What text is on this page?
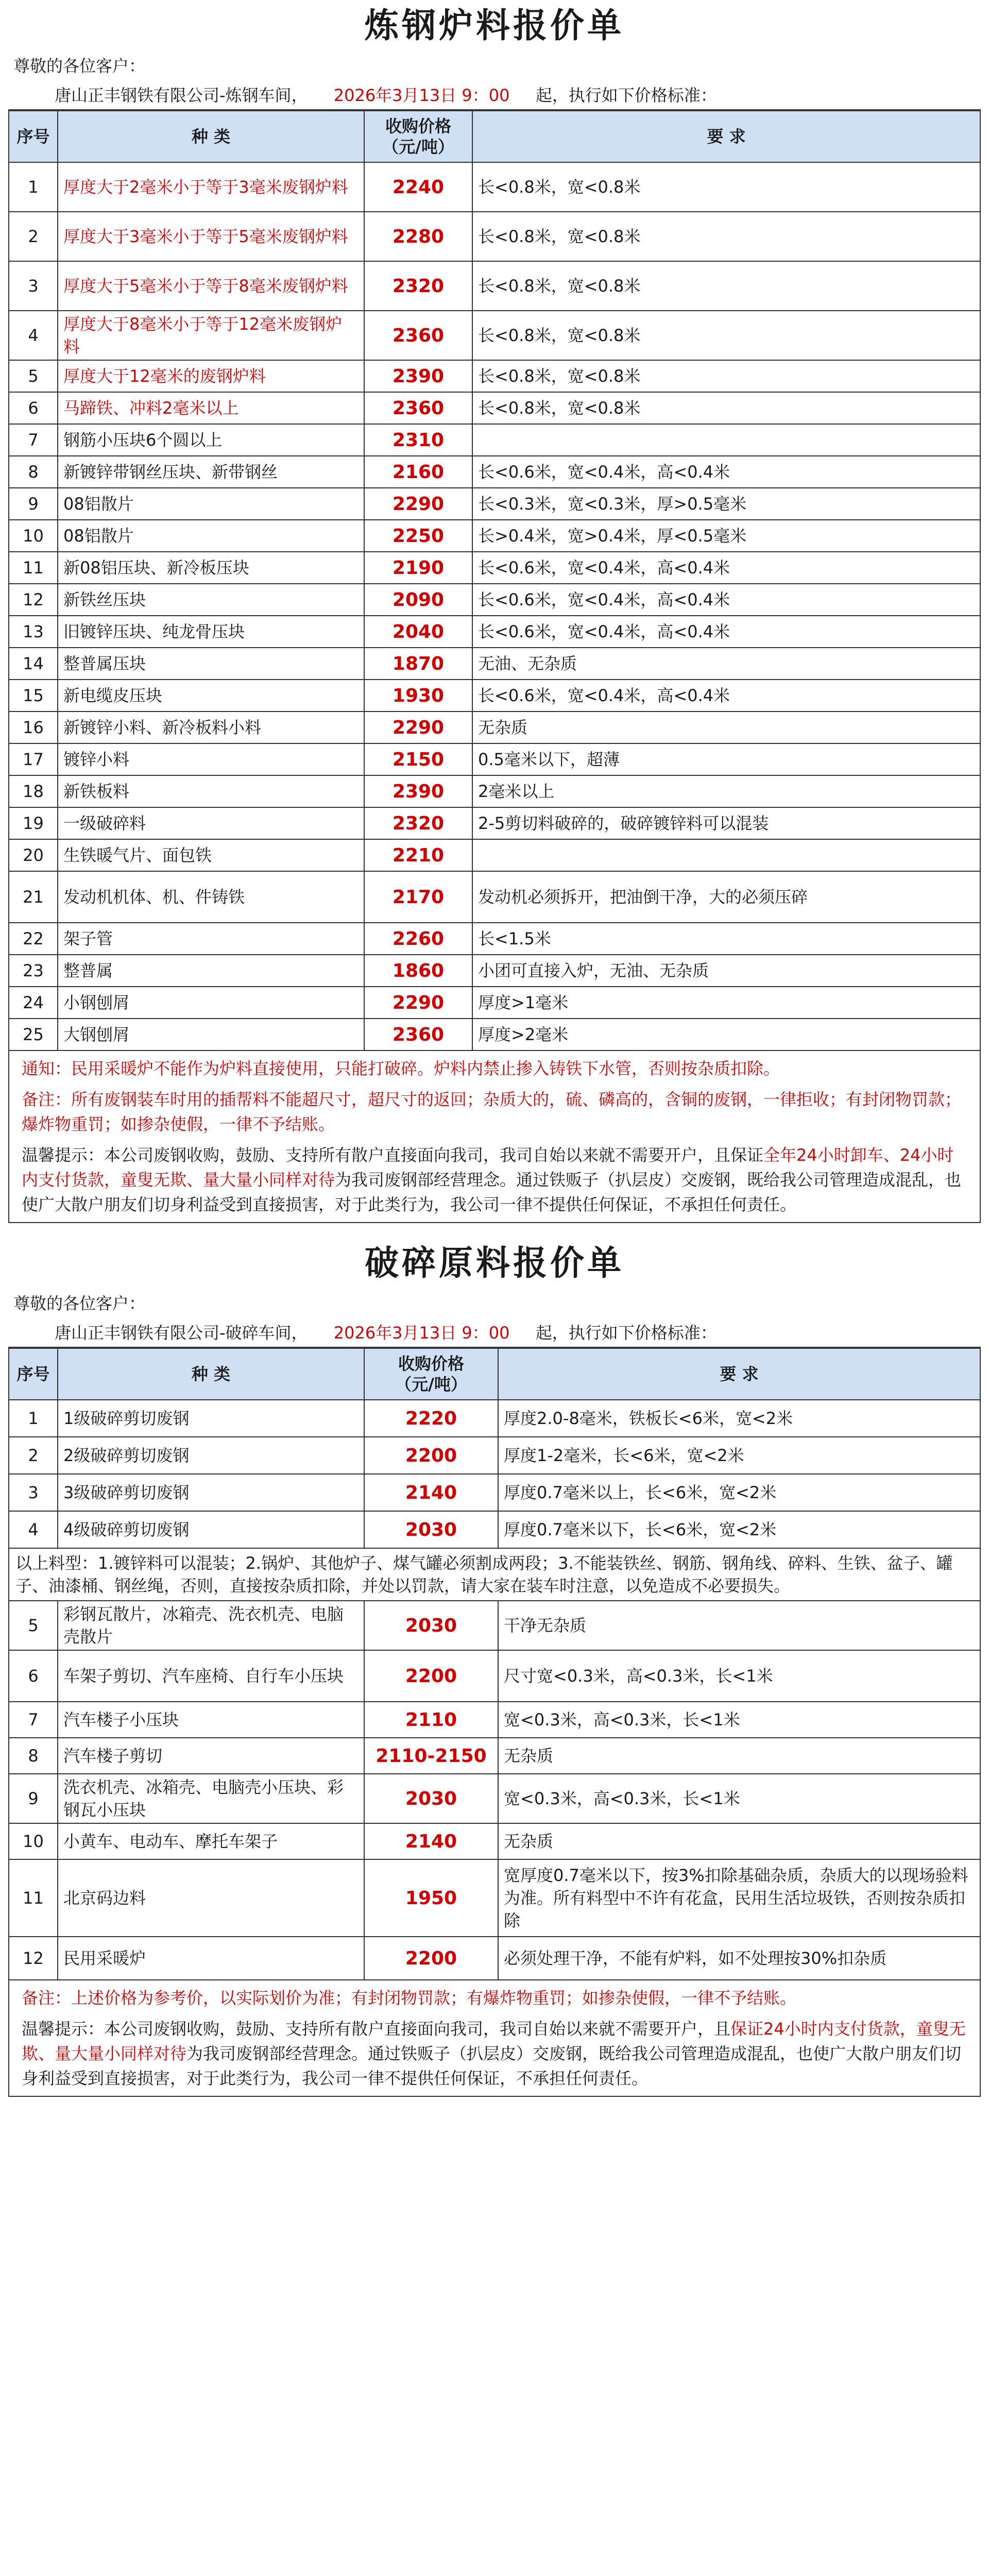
炼钢炉料报价单
尊敬的各位客户：
唐山正丰钢铁有限公司-炼钢车间， 2026年3月13日 9：00 起，执行如下价格标准：
序号	种 类	收购价格
（元/吨）	要 求
1	厚度大于2毫米小于等于3毫米废钢炉料	2240	长<0.8米，宽<0.8米
2	厚度大于3毫米小于等于5毫米废钢炉料	2280	长<0.8米，宽<0.8米
3	厚度大于5毫米小于等于8毫米废钢炉料	2320	长<0.8米，宽<0.8米
4	厚度大于8毫米小于等于12毫米废钢炉料	2360	长<0.8米，宽<0.8米
5	厚度大于12毫米的废钢炉料	2390	长<0.8米，宽<0.8米
6	马蹄铁、冲料2毫米以上	2360	长<0.8米，宽<0.8米
7	钢筋小压块6个圆以上	2310	
8	新镀锌带钢丝压块、新带钢丝	2160	长<0.6米，宽<0.4米，高<0.4米
9	08铝散片	2290	长<0.3米，宽<0.3米，厚>0.5毫米
10	08铝散片	2250	长>0.4米，宽>0.4米，厚<0.5毫米
11	新08铝压块、新冷板压块	2190	长<0.6米，宽<0.4米，高<0.4米
12	新铁丝压块	2090	长<0.6米，宽<0.4米，高<0.4米
13	旧镀锌压块、纯龙骨压块	2040	长<0.6米，宽<0.4米，高<0.4米
14	整普属压块	1870	无油、无杂质
15	新电缆皮压块	1930	长<0.6米，宽<0.4米，高<0.4米
16	新镀锌小料、新冷板料小料	2290	无杂质
17	镀锌小料	2150	0.5毫米以下，超薄
18	新铁板料	2390	2毫米以上
19	一级破碎料	2320	2-5剪切料破碎的，破碎镀锌料可以混装
20	生铁暖气片、面包铁	2210	
21	发动机机体、机、件铸铁	2170	发动机必须拆开，把油倒干净，大的必须压碎
22	架子管	2260	长<1.5米
23	整普属	1860	小团可直接入炉，无油、无杂质
24	小钢刨屑	2290	厚度>1毫米
25	大钢刨屑	2360	厚度>2毫米

通知：民用采暖炉不能作为炉料直接使用，只能打破碎。炉料内禁止掺入铸铁下水管，否则按杂质扣除。

备注：所有废钢装车时用的插帮料不能超尺寸，超尺寸的返回；杂质大的，硫、磷高的，含铜的废钢，一律拒收；有封闭物罚款；爆炸物重罚；如掺杂使假，一律不予结账。

温馨提示：本公司废钢收购，鼓励、支持所有散户直接面向我司，我司自始以来就不需要开户，且保证全年24小时卸车、24小时内支付货款，童叟无欺、量大量小同样对待为我司废钢部经营理念。通过铁贩子（扒层皮）交废钢，既给我公司管理造成混乱，也使广大散户朋友们切身利益受到直接损害，对于此类行为，我公司一律不提供任何保证，不承担任何责任。

破碎原料报价单
尊敬的各位客户：
唐山正丰钢铁有限公司-破碎车间， 2026年3月13日 9：00 起，执行如下价格标准：
序号	种 类	收购价格
（元/吨）	要 求
1	1级破碎剪切废钢	2220	厚度2.0-8毫米，铁板长<6米，宽<2米
2	2级破碎剪切废钢	2200	厚度1-2毫米，长<6米，宽<2米
3	3级破碎剪切废钢	2140	厚度0.7毫米以上，长<6米，宽<2米
4	4级破碎剪切废钢	2030	厚度0.7毫米以下，长<6米，宽<2米
以上料型：1.镀锌料可以混装；2.锅炉、其他炉子、煤气罐必须割成两段；3.不能装铁丝、钢筋、钢角线、碎料、生铁、盆子、罐子、油漆桶、钢丝绳，否则，直接按杂质扣除，并处以罚款，请大家在装车时注意，以免造成不必要损失。
5	彩钢瓦散片，冰箱壳、洗衣机壳、电脑壳散片	2030	干净无杂质
6	车架子剪切、汽车座椅、自行车小压块	2200	尺寸宽<0.3米，高<0.3米，长<1米
7	汽车楼子小压块	2110	宽<0.3米，高<0.3米，长<1米
8	汽车楼子剪切	2110-2150	无杂质
9	洗衣机壳、冰箱壳、电脑壳小压块、彩钢瓦小压块	2030	宽<0.3米，高<0.3米，长<1米
10	小黄车、电动车、摩托车架子	2140	无杂质
11	北京码边料	1950	宽厚度0.7毫米以下，按3%扣除基础杂质，杂质大的以现场验料为准。所有料型中不许有花盒，民用生活垃圾铁，否则按杂质扣除
12	民用采暖炉	2200	必须处理干净，不能有炉料，如不处理按30%扣杂质

备注：上述价格为参考价，以实际划价为准；有封闭物罚款；有爆炸物重罚；如掺杂使假，一律不予结账。

温馨提示：本公司废钢收购，鼓励、支持所有散户直接面向我司，我司自始以来就不需要开户，且保证24小时内支付货款，童叟无欺、量大量小同样对待为我司废钢部经营理念。通过铁贩子（扒层皮）交废钢，既给我公司管理造成混乱，也使广大散户朋友们切身利益受到直接损害，对于此类行为，我公司一律不提供任何保证，不承担任何责任。
